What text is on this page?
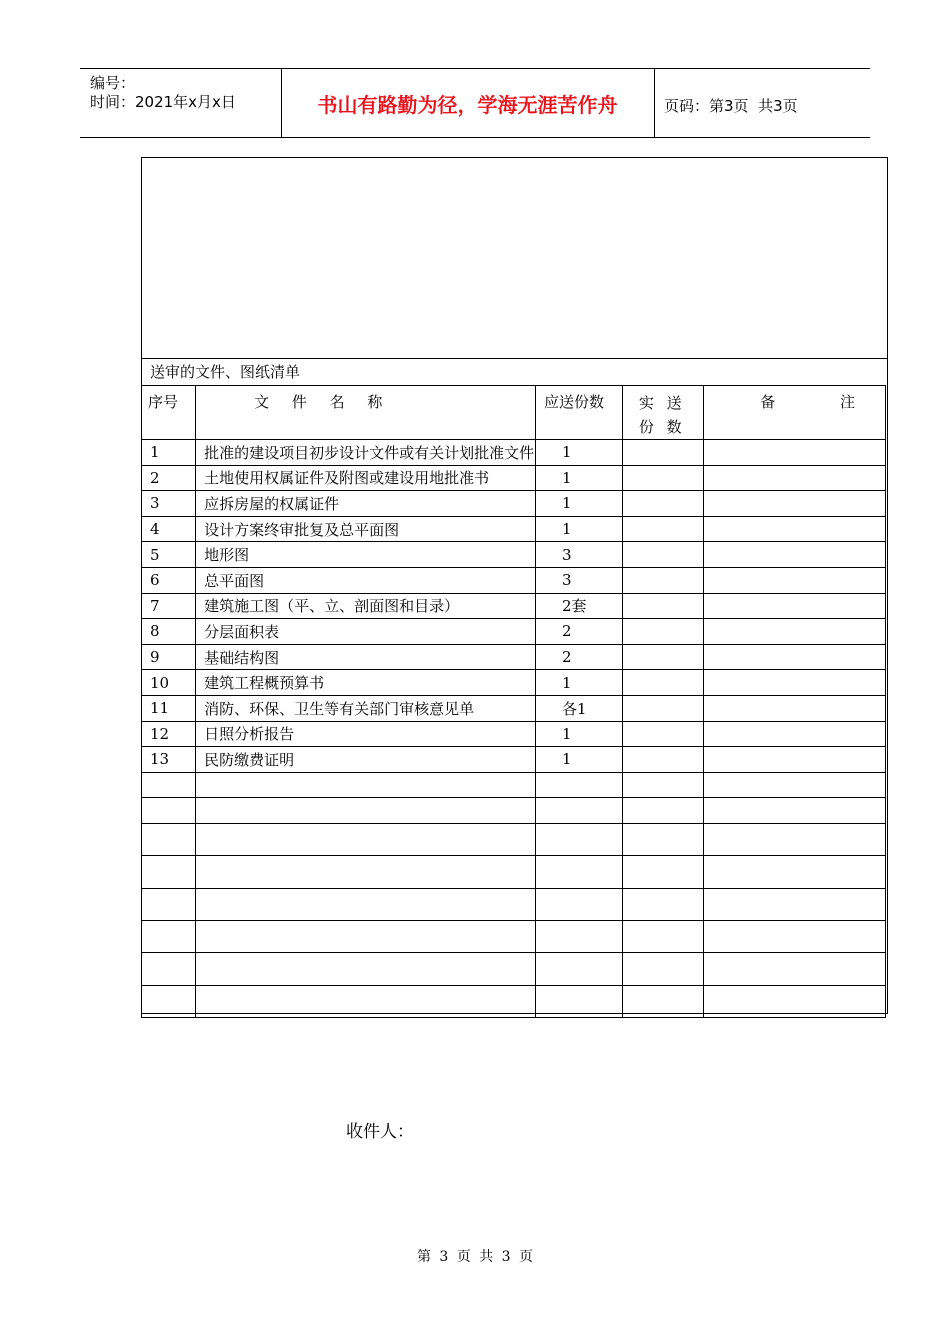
编号：
时间：2021年x月x日	书山有路勤为径，学海无涯苦作舟	页码：第3页  共3页
送审的文件、图纸清单
序号	文 件 名 称	应送份数	实 送 份 数	备 注
1	批准的建设项目初步设计文件或有关计划批准文件	1		
2	土地使用权属证件及附图或建设用地批准书	1		
3	应拆房屋的权属证件	1		
4	设计方案终审批复及总平面图	1		
5	地形图	3		
6	总平面图	3		
7	建筑施工图（平、立、剖面图和目录）	2套		
8	分层面积表	2		
9	基础结构图	2		
10	建筑工程概预算书	1		
11	消防、环保、卫生等有关部门审核意见单	各1		
12	日照分析报告	1		
13	民防缴费证明	1		

收件人：
第 3 页 共 3 页
